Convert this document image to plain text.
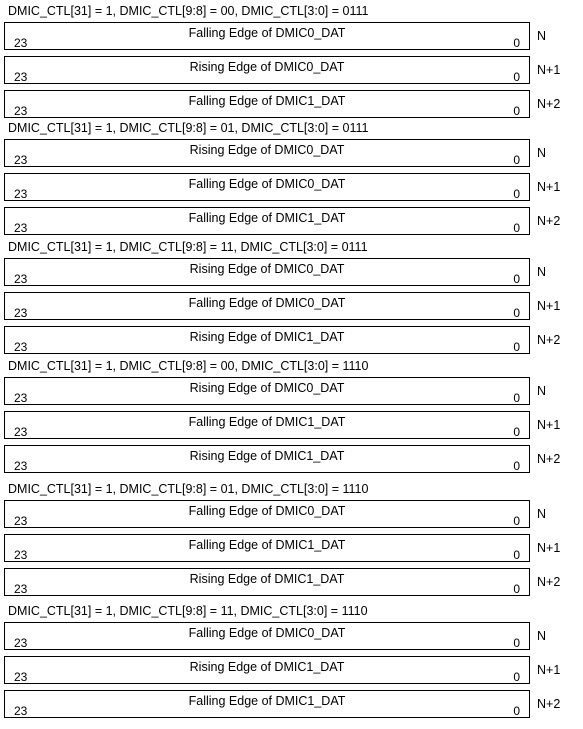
DMIC_CTL[31] = 1, DMIC_CTL[9:8] = 00, DMIC_CTL[3:0] = 0111
Falling Edge of DMIC0_DAT
23	0 N
Rising Edge of DMIC0_DAT
23	0 N+1
Falling Edge of DMIC1_DAT
23	0 N+2
DMIC_CTL[31] = 1, DMIC_CTL[9:8] = 01, DMIC_CTL[3:0] = 0111
Rising Edge of DMIC0_DAT
23	0 N
Falling Edge of DMIC0_DAT
23	0 N+1
Falling Edge of DMIC1_DAT
23	0 N+2
DMIC_CTL[31] = 1, DMIC_CTL[9:8] = 11, DMIC_CTL[3:0] = 0111
Rising Edge of DMIC0_DAT
23	0 N
Falling Edge of DMIC0_DAT
23	0 N+1
Rising Edge of DMIC1_DAT
23	0 N+2
DMIC_CTL[31] = 1, DMIC_CTL[9:8] = 00, DMIC_CTL[3:0] = 1110
Rising Edge of DMIC0_DAT
23	0 N
Falling Edge of DMIC1_DAT
23	0 N+1
Rising Edge of DMIC1_DAT
23	0 N+2
DMIC_CTL[31] = 1, DMIC_CTL[9:8] = 01, DMIC_CTL[3:0] = 1110
Falling Edge of DMIC0_DAT
23	0 N
Falling Edge of DMIC1_DAT
23	0 N+1
Rising Edge of DMIC1_DAT
23	0 N+2
DMIC_CTL[31] = 1, DMIC_CTL[9:8] = 11, DMIC_CTL[3:0] = 1110
Falling Edge of DMIC0_DAT
23	0 N
Rising Edge of DMIC1_DAT
23	0 N+1
Falling Edge of DMIC1_DAT
23	0 N+2
